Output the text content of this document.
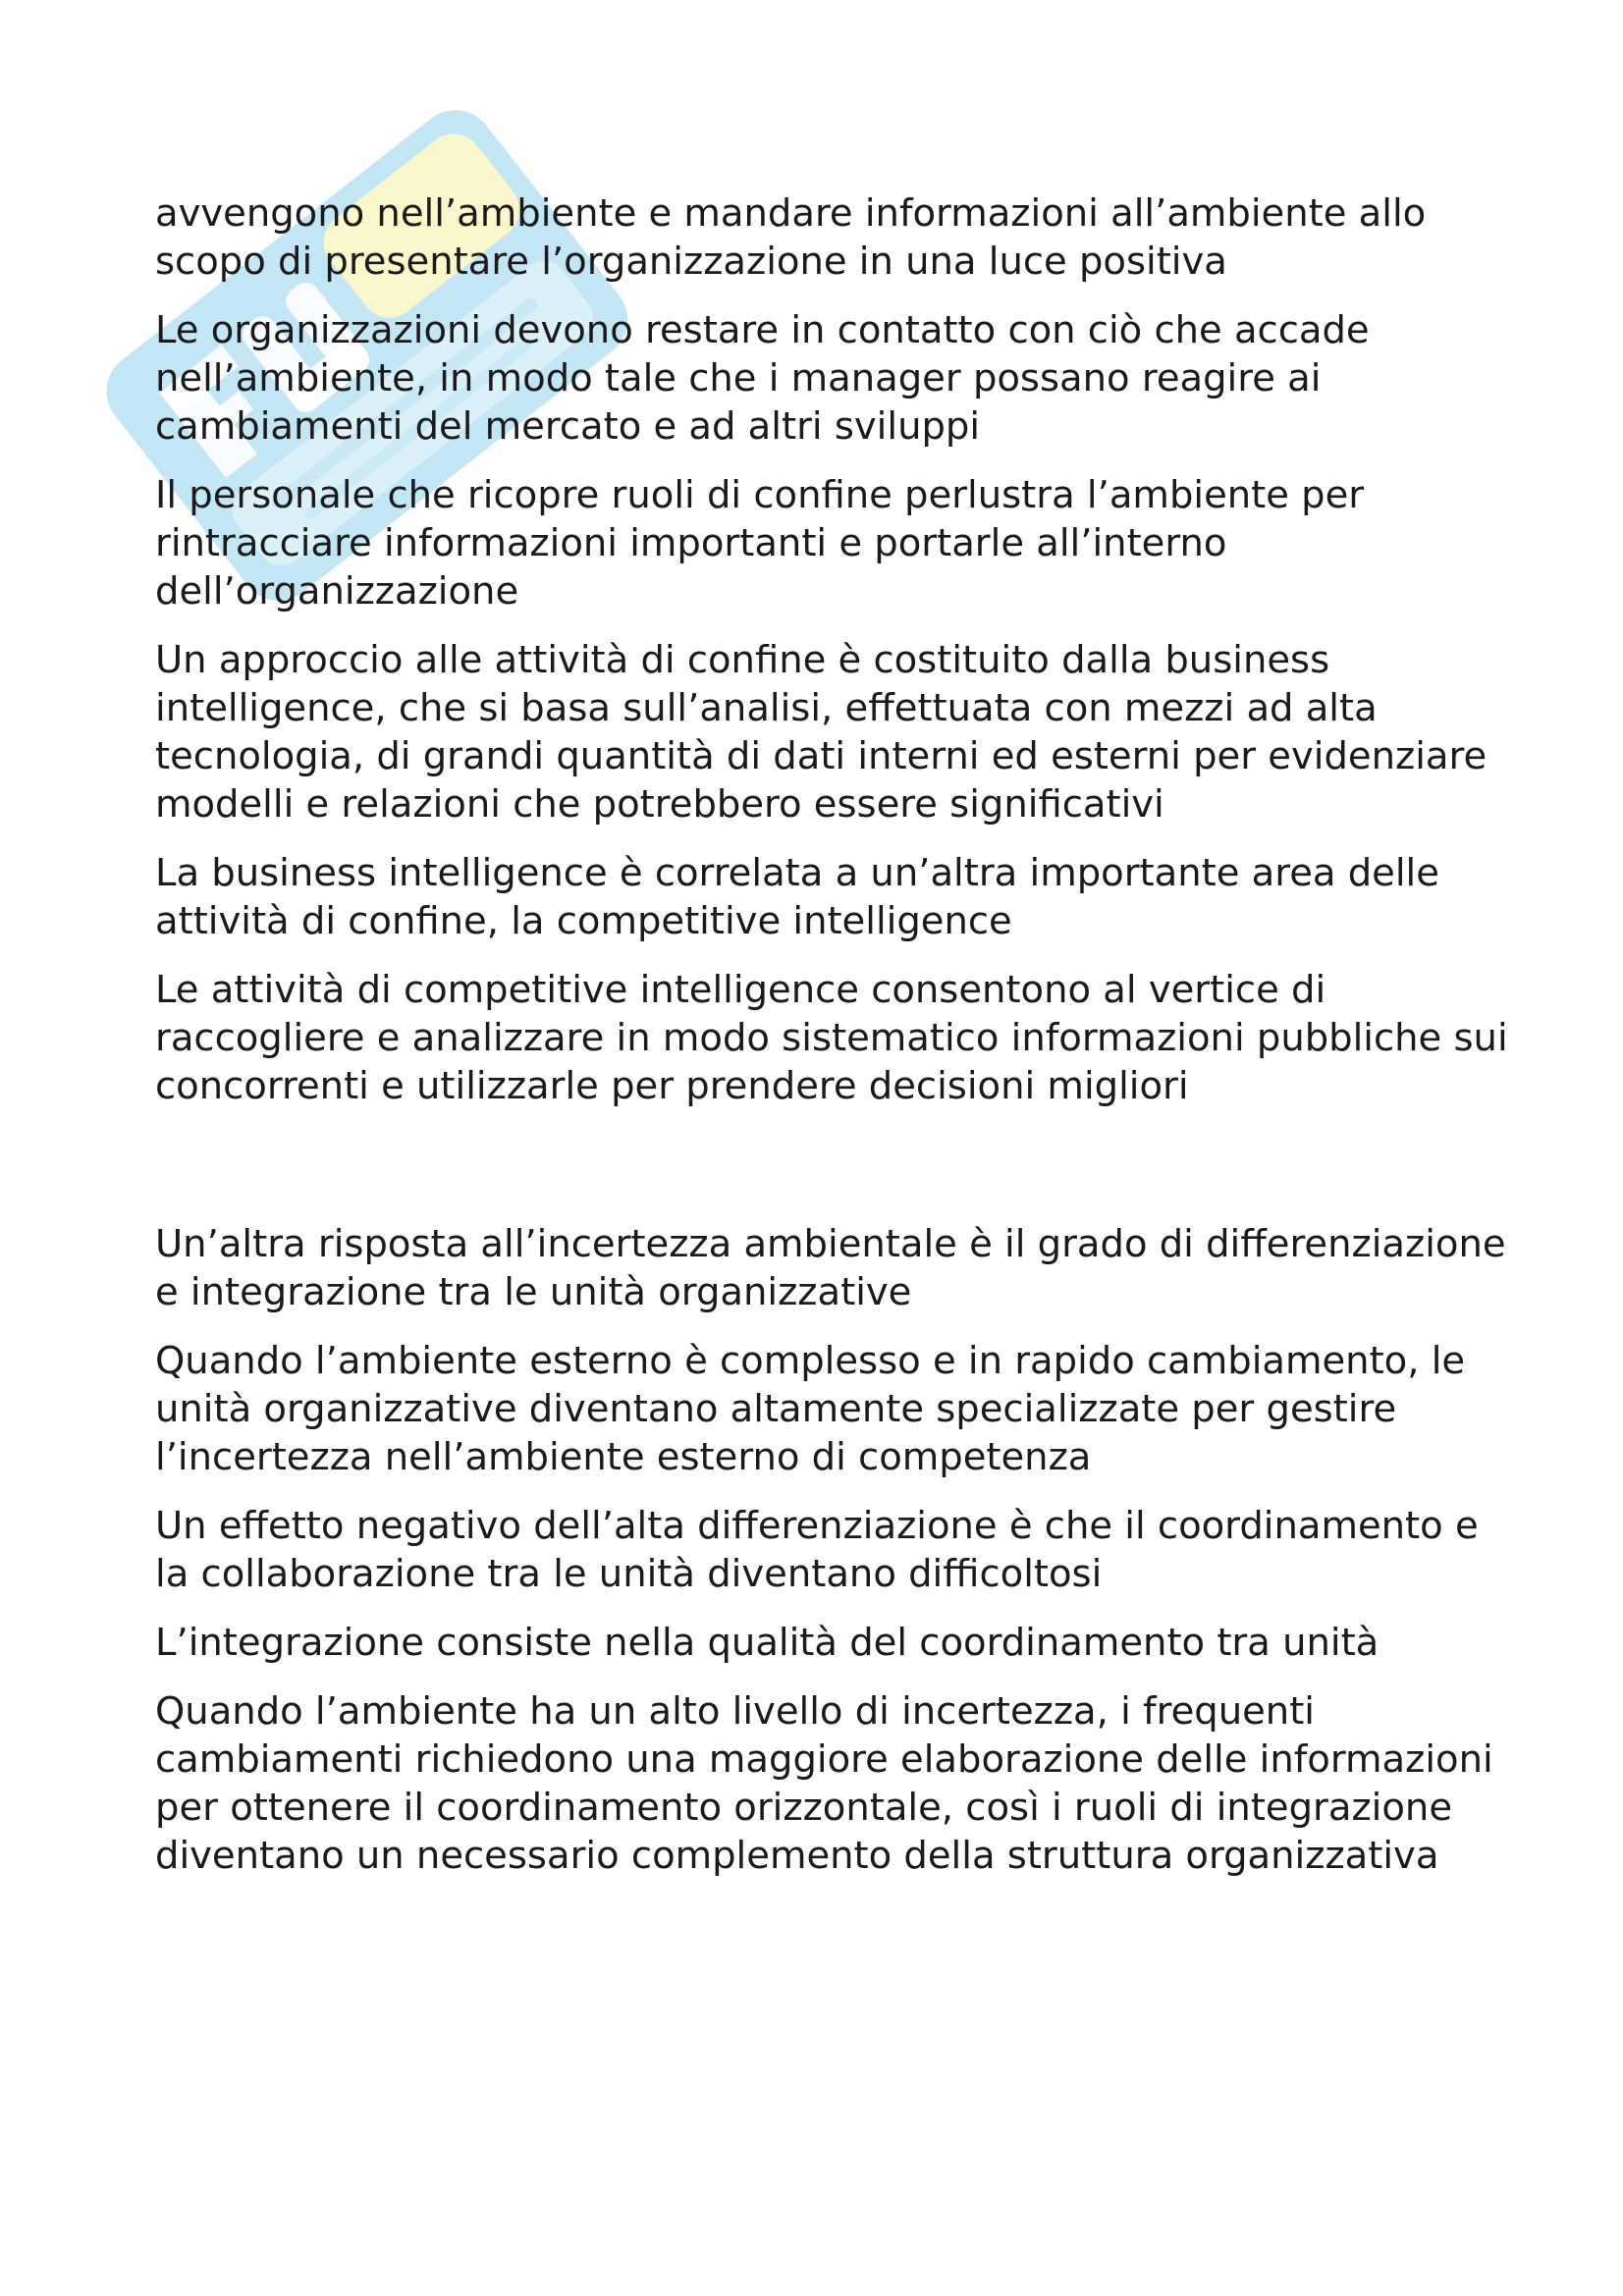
avvengono nell’ambiente e mandare informazioni all’ambiente allo scopo di presentare l’organizzazione in una luce positiva

Le organizzazioni devono restare in contatto con ciò che accade nell’ambiente, in modo tale che i manager possano reagire ai cambiamenti del mercato e ad altri sviluppi

Il personale che ricopre ruoli di confine perlustra l’ambiente per rintracciare informazioni importanti e portarle all’interno dell’organizzazione

Un approccio alle attività di confine è costituito dalla business intelligence, che si basa sull’analisi, effettuata con mezzi ad alta tecnologia, di grandi quantità di dati interni ed esterni per evidenziare modelli e relazioni che potrebbero essere significativi

La business intelligence è correlata a un’altra importante area delle attività di confine, la competitive intelligence

Le attività di competitive intelligence consentono al vertice di raccogliere e analizzare in modo sistematico informazioni pubbliche sui concorrenti e utilizzarle per prendere decisioni migliori

Un’altra risposta all’incertezza ambientale è il grado di differenziazione e integrazione tra le unità organizzative

Quando l’ambiente esterno è complesso e in rapido cambiamento, le unità organizzative diventano altamente specializzate per gestire l’incertezza nell’ambiente esterno di competenza

Un effetto negativo dell’alta differenziazione è che il coordinamento e la collaborazione tra le unità diventano difficoltosi

L’integrazione consiste nella qualità del coordinamento tra unità

Quando l’ambiente ha un alto livello di incertezza, i frequenti cambiamenti richiedono una maggiore elaborazione delle informazioni per ottenere il coordinamento orizzontale, così i ruoli di integrazione diventano un necessario complemento della struttura organizzativa
